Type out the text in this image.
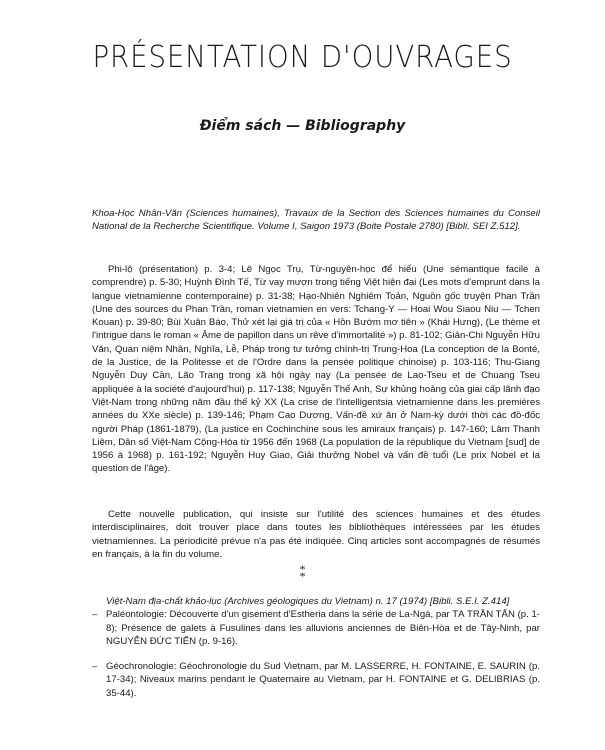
PRÉSENTATION D'OUVRAGES
Điểm sách — Bibliography
Khoa-Học Nhân-Văn (Sciences humaines), Travaux de la Section des Sciences humaines du Conseil National de la Recherche Scientifique. Volume I, Saigon 1973 (Boite Postale 2780) [Bibli. SEI Z.512].
Phi-lộ (présentation) p. 3-4; Lê Ngọc Trụ, Từ-nguyên-học để hiểu (Une sémantique facile à comprendre) p. 5-30; Huỳnh Đình Tế, Từ vay mượn trong tiếng Việt hiện đại (Les mots d'emprunt dans la langue vietnamienne contemporaine) p. 31-38; Hạo-Nhiên Nghiêm Toản, Nguồn gốc truyện Phan Trần (Une des sources du Phan Trần, roman vietnamien en vers: Tchang-Y — Hoai Wou Siaou Niu — Tchen Kouan) p. 39-80; Bùi Xuân Bào, Thử xét lại giá trị của « Hồn Bướm mơ tiên » (Khái Hưng), (Le thème et l'intrigue dans le roman « Âme de papillon dans un rêve d'immortalité ») p. 81-102; Giản-Chi Nguyễn Hữu Văn, Quan niệm Nhân, Nghĩa, Lễ, Pháp trong tư tưởng chính-trị Trung-Hoa (La conception de la Bonté, de la Justice, de la Politesse et de l'Ordre dans la pensée politique chinoise) p. 103-116; Thu-Giang Nguyễn Duy Cần, Lão Trang trong xã hội ngày nay (La pensée de Lao-Tseu et de Chuang Tseu appliquée à la société d'aujourd'hui) p. 117-138; Nguyễn Thế Anh, Sự khủng hoảng của giai cấp lãnh đạo Việt-Nam trong những năm đầu thế kỷ XX (La crise de l'intelligentsia vietnamienne dans les premières années du XXe siècle) p. 139-146; Phạm Cao Dương, Vấn-đề xứ ăn ở Nam-kỳ dưới thời các đồ-đốc người Pháp (1861-1879), (La justice en Cochinchine sous les amiraux français) p. 147-160; Lâm Thanh Liêm, Dân số Việt-Nam Cộng-Hòa từ 1956 đến 1968 (La population de la république du Vietnam [sud] de 1956 à 1968) p. 161-192; Nguyễn Huy Giao, Giải thưởng Nobel và vấn đề tuổi (Le prix Nobel et la question de l'âge).
Cette nouvelle publication, qui insiste sur l'utilité des sciences humaines et des études interdisciplinaires, doit trouver place dans toutes les bibliothèques intéressées par les études vietnamiennes. La périodicité prévue n'a pas été indiquée. Cinq articles sont accompagnés de résumés en français, à la fin du volume.
*
*
Việt-Nam địa-chất khảo-lục (Archives géologiques du Vietnam) n. 17 (1974) [Bibli. S.E.I. Z.414]
– Paléontologie: Découverte d'un gisement d'Estheria dans la série de La-Ngà, par TẠ TRẦN TẤN (p. 1-8); Présence de galets à Fusulines dans les alluvions anciennes de Biên-Hòa et de Tây-Ninh, par NGUYỄN ĐỨC TIẾN (p. 9-16).
– Géochronologie: Géochronologie du Sud Vietnam, par M. LASSERRE, H. FONTAINE, E. SAURIN (p. 17-34); Niveaux marins pendant le Quaternaire au Vietnam, par H. FONTAINE et G. DELIBRIAS (p. 35-44).
